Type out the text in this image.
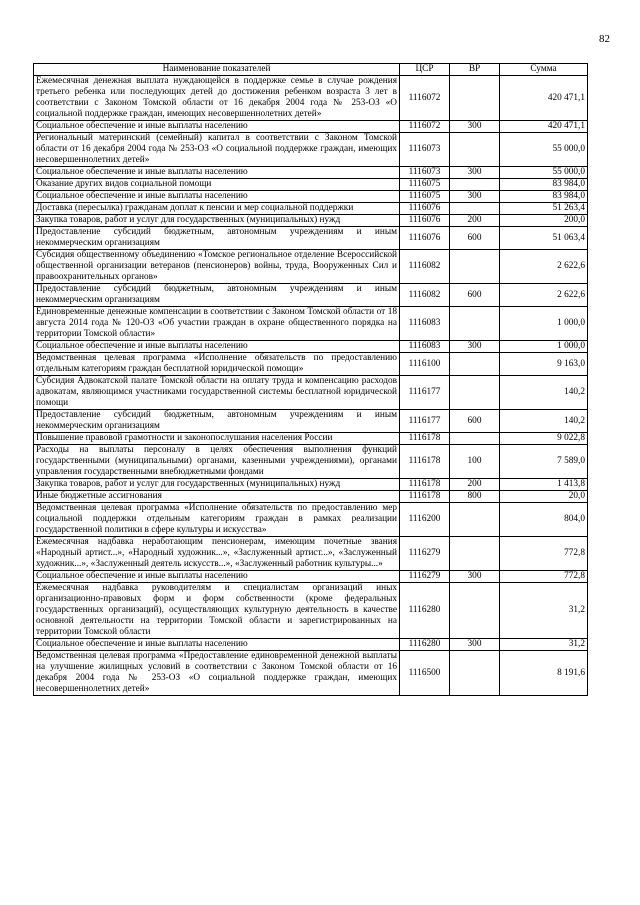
82
Наименование показателей	ЦСР	ВР	Сумма
Ежемесячная денежная выплата нуждающейся в поддержке семье в случае рождения третьего ребенка или последующих детей до достижения ребенком возраста 3 лет в соответствии с Законом Томской области от 16 декабря 2004 года № 253-ОЗ «О социальной поддержке граждан, имеющих несовершеннолетних детей»	1116072		420 471,1
Социальное обеспечение и иные выплаты населению	1116072	300	420 471,1
Региональный материнский (семейный) капитал в соответствии с Законом Томской области от 16 декабря 2004 года № 253-ОЗ «О социальной поддержке граждан, имеющих несовершеннолетних детей»	1116073		55 000,0
Социальное обеспечение и иные выплаты населению	1116073	300	55 000,0
Оказание других видов социальной помощи	1116075		83 984,0
Социальное обеспечение и иные выплаты населению	1116075	300	83 984,0
Доставка (пересылка) гражданам доплат к пенсии и мер социальной поддержки	1116076		51 263,4
Закупка товаров, работ и услуг для государственных (муниципальных) нужд	1116076	200	200,0
Предоставление субсидий бюджетным, автономным учреждениям и иным некоммерческим организациям	1116076	600	51 063,4
Субсидия общественному объединению «Томское региональное отделение Всероссийской общественной организации ветеранов (пенсионеров) войны, труда, Вооруженных Сил и правоохранительных органов»	1116082		2 622,6
Предоставление субсидий бюджетным, автономным учреждениям и иным некоммерческим организациям	1116082	600	2 622,6
Единовременные денежные компенсации в соответствии с Законом Томской области от 18 августа 2014 года № 120-ОЗ «Об участии граждан в охране общественного порядка на территории Томской области»	1116083		1 000,0
Социальное обеспечение и иные выплаты населению	1116083	300	1 000,0
Ведомственная целевая программа «Исполнение обязательств по предоставлению отдельным категориям граждан бесплатной юридической помощи»	1116100		9 163,0
Субсидия Адвокатской палате Томской области на оплату труда и компенсацию расходов адвокатам, являющимся участниками государственной системы бесплатной юридической помощи	1116177		140,2
Предоставление субсидий бюджетным, автономным учреждениям и иным некоммерческим организациям	1116177	600	140,2
Повышение правовой грамотности и законопослушания населения России	1116178		9 022,8
Расходы на выплаты персоналу в целях обеспечения выполнения функций государственными (муниципальными) органами, казенными учреждениями), органами управления государственными внебюджетными фондами	1116178	100	7 589,0
Закупка товаров, работ и услуг для государственных (муниципальных) нужд	1116178	200	1 413,8
Иные бюджетные ассигнования	1116178	800	20,0
Ведомственная целевая программа «Исполнение обязательств по предоставлению мер социальной поддержки отдельным категориям граждан в рамках реализации государственной политики в сфере культуры и искусства»	1116200		804,0
Ежемесячная надбавка неработающим пенсионерам, имеющим почетные звания «Народный артист...», «Народный художник...», «Заслуженный артист...», «Заслуженный художник...», «Заслуженный деятель искусств...», «Заслуженный работник культуры...»	1116279		772,8
Социальное обеспечение и иные выплаты населению	1116279	300	772,8
Ежемесячная надбавка руководителям и специалистам организаций иных организационно-правовых форм и форм собственности (кроме федеральных государственных организаций), осуществляющих культурную деятельность в качестве основной деятельности на территории Томской области и зарегистрированных на территории Томской области	1116280		31,2
Социальное обеспечение и иные выплаты населению	1116280	300	31,2
Ведомственная целевая программа «Предоставление единовременной денежной выплаты на улучшение жилищных условий в соответствии с Законом Томской области от 16 декабря 2004 года № 253-ОЗ «О социальной поддержке граждан, имеющих несовершеннолетних детей»	1116500		8 191,6
